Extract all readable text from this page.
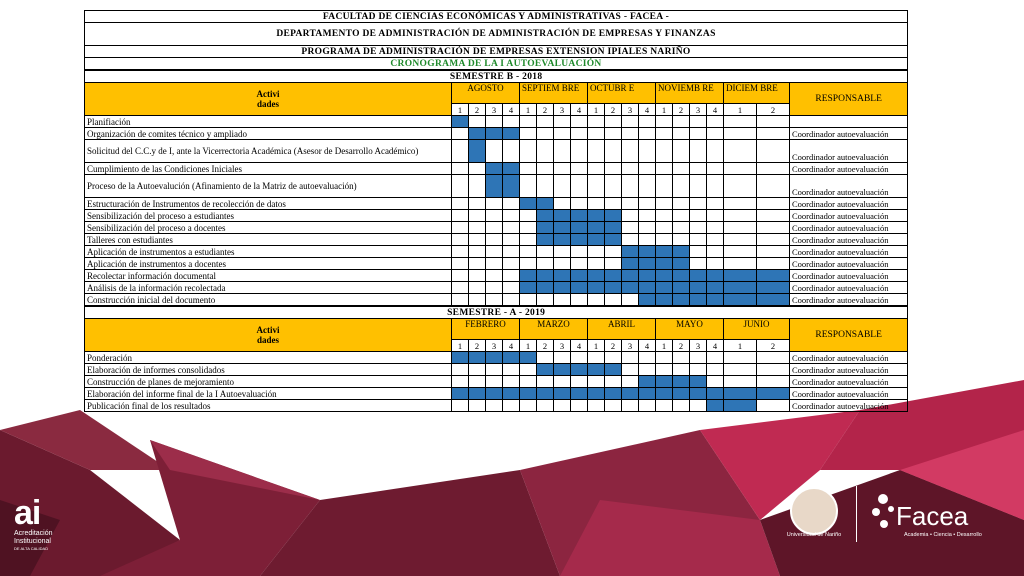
FACULTAD DE CIENCIAS ECONÓMICAS Y ADMINISTRATIVAS - FACEA -
DEPARTAMENTO DE ADMINISTRACIÓN DE ADMINISTRACIÓN DE EMPRESAS Y FINANZAS
PROGRAMA DE ADMINISTRACIÓN DE EMPRESAS EXTENSION IPIALES NARIÑO
CRONOGRAMA DE LA I AUTOEVALUACIÓN
SEMESTRE B - 2018																			
Activi dades	AGOSTO				SEPTIEM BRE				OCTUBR E				NOVIEMB RE				DICIEM BRE		RESPONSABLE
	1	2	3	4	1	2	3	4	1	2	3	4	1	2	3	4	1	2	
Planifiación																			
Organización de comites técnico y ampliado																			Coordinador autoevaluación
Solicitud del C.C.y de I, ante la Vicerrectoria Académica (Asesor de Desarrollo Académico)																			Coordinador autoevaluación
Cumplimiento de las Condiciones Iniciales																			Coordinador autoevaluación
Proceso de la Autoevalución (Afinamiento de la Matriz de autoevaluación)																			Coordinador autoevaluación
Estructuración de Instrumentos de recolección de datos																			Coordinador autoevaluación
Sensibilización del proceso a estudiantes																			Coordinador autoevaluación
Sensibilización del proceso a docentes																			Coordinador autoevaluación
Talleres con estudiantes																			Coordinador autoevaluación
Aplicación de instrumentos a estudiantes																			Coordinador autoevaluación
Aplicación de instrumentos a docentes																			Coordinador autoevaluación
Recolectar información documental																			Coordinador autoevaluación
Análisis de la información recolectada																			Coordinador autoevaluación
Construcción inicial del documento																			Coordinador autoevaluación
SEMESTRE - A - 2019																			
Activi dades	FEBRERO				MARZO				ABRIL				MAYO				JUNIO		RESPONSABLE
	1	2	3	4	1	2	3	4	1	2	3	4	1	2	3	4	1	2	
Ponderación																			Coordinador autoevaluación
Elaboración de informes consolidados																			Coordinador autoevaluación
Construcción de planes de mejoramiento																			Coordinador autoevaluación
Elaboración del informe final de la I Autoevaluación																			Coordinador autoevaluación
Publicación final de los resultados																			Coordinador autoevaluación
ai
Acreditación
Institucional
DE ALTA CALIDAD
Universidad de Nariño
Facea
Academia • Ciencia • Desarrollo
